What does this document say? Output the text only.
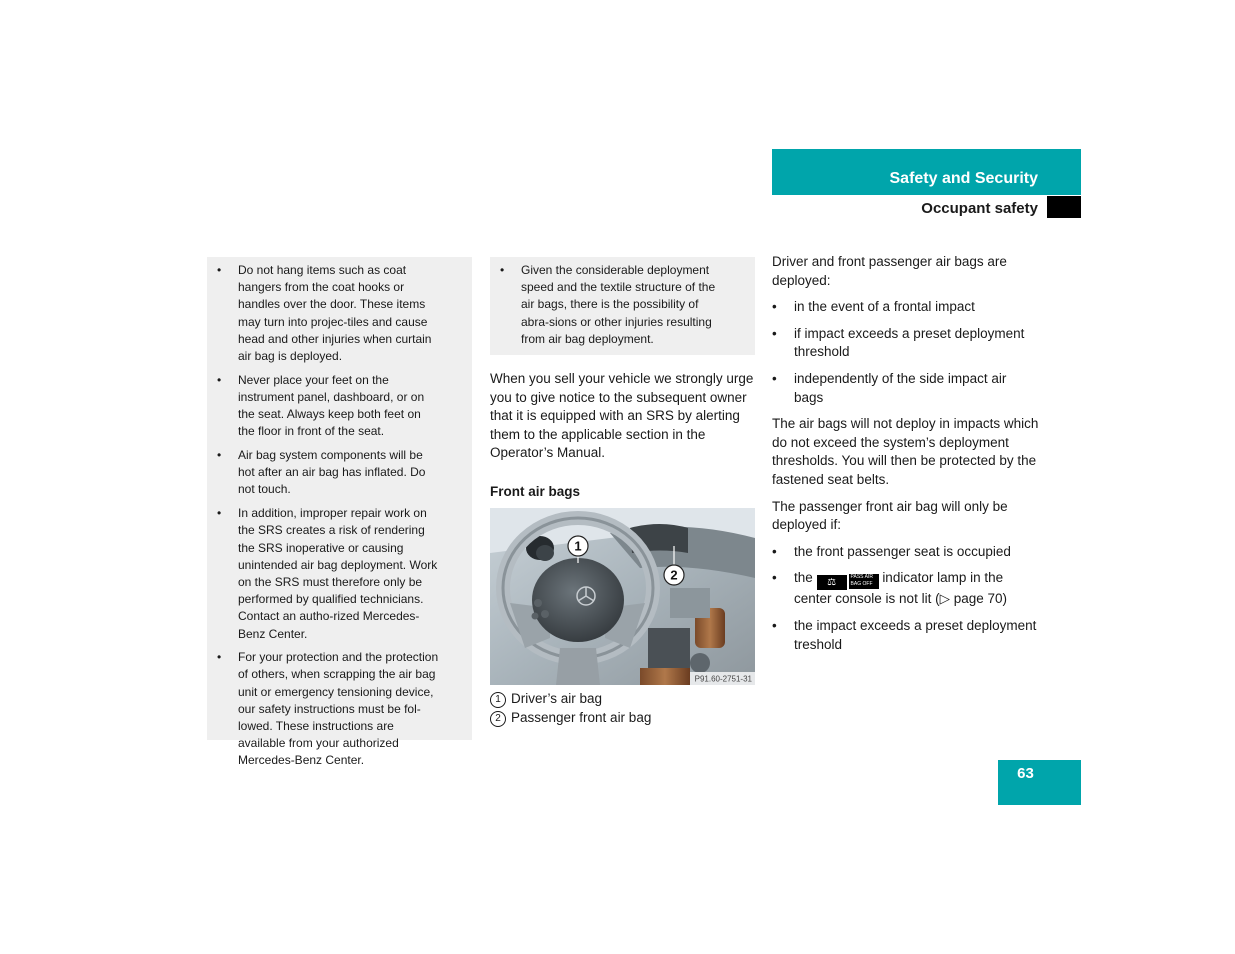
Safety and Security
Occupant safety
• Do not hang items such as coat hangers from the coat hooks or handles over the door. These items may turn into projec-tiles and cause head and other injuries when curtain air bag is deployed.
• Never place your feet on the instrument panel, dashboard, or on the seat. Always keep both feet on the floor in front of the seat.
• Air bag system components will be hot after an air bag has inflated. Do not touch.
• In addition, improper repair work on the SRS creates a risk of rendering the SRS inoperative or causing unintended air bag deployment. Work on the SRS must therefore only be performed by qualified technicians. Contact an autho-rized Mercedes-Benz Center.
• For your protection and the protection of others, when scrapping the air bag unit or emergency tensioning device, our safety instructions must be fol-lowed. These instructions are available from your authorized Mercedes-Benz Center.
• Given the considerable deployment speed and the textile structure of the air bags, there is the possibility of abra-sions or other injuries resulting from air bag deployment.

When you sell your vehicle we strongly urge you to give notice to the subsequent owner that it is equipped with an SRS by alerting them to the applicable section in the Operator’s Manual.

Front air bags
1
2
P91.60-2751-31
1 Driver’s air bag
2 Passenger front air bag

Driver and front passenger air bags are deployed:

• in the event of a frontal impact
• if impact exceeds a preset deployment threshold
• independently of the side impact air bags

The air bags will not deploy in impacts which do not exceed the system’s deployment thresholds. You will then be protected by the fastened seat belts.

The passenger front air bag will only be deployed if:

• the front passenger seat is occupied
• the ⚖	PASS AIR BAG OFF indicator lamp in the center console is not lit (▷ page 70)
• the impact exceeds a preset deployment treshold
63
